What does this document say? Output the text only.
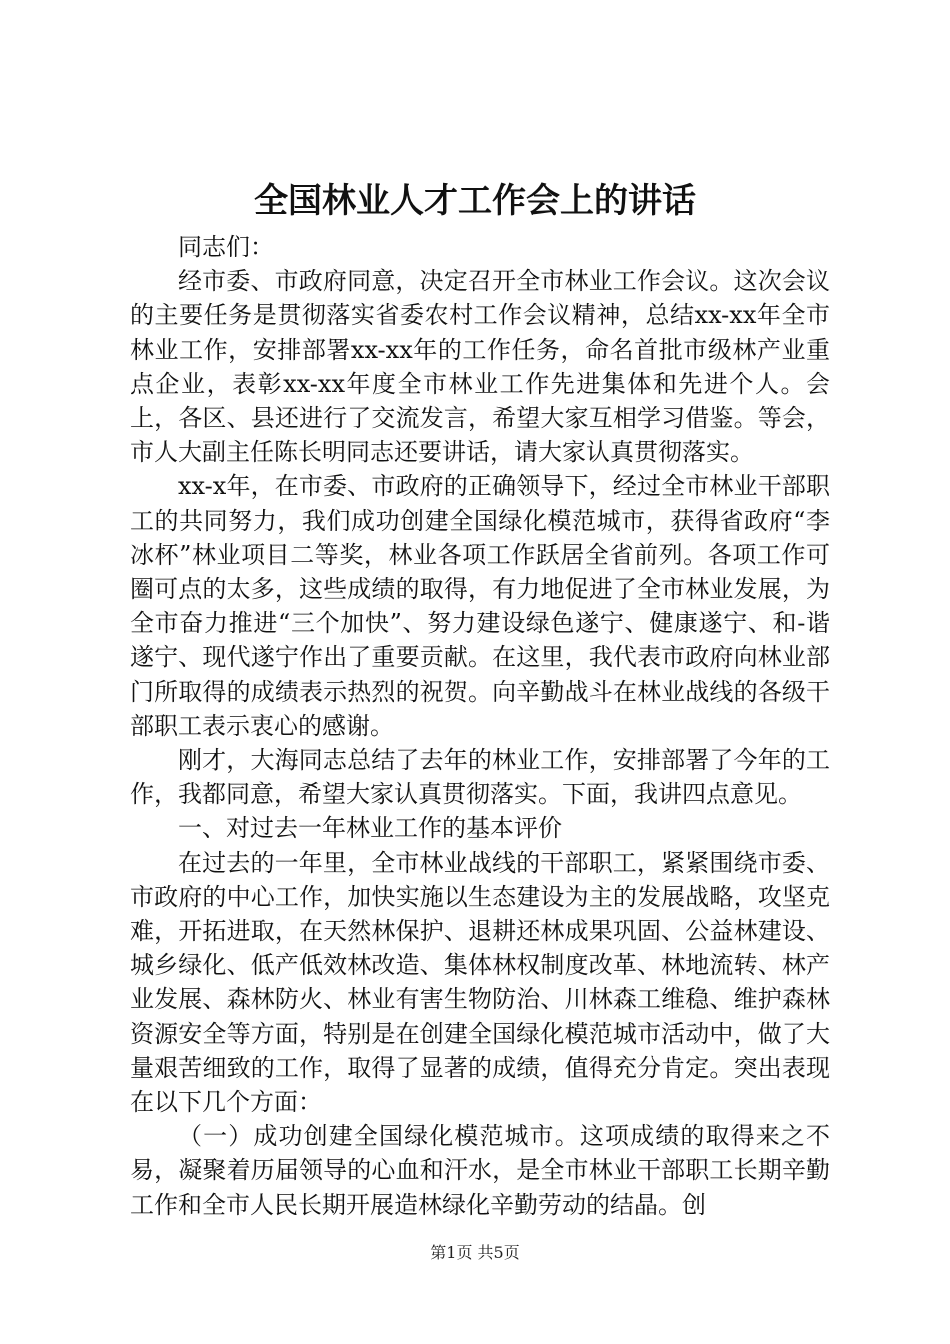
全国林业人才工作会上的讲话

同志们：

经市委、市政府同意，决定召开全市林业工作会议。这次会议的主要任务是贯彻落实省委农村工作会议精神，总结xx-xx年全市林业工作，安排部署xx-xx年的工作任务，命名首批市级林产业重点企业，表彰xx-xx年度全市林业工作先进集体和先进个人。会上，各区、县还进行了交流发言，希望大家互相学习借鉴。等会，市人大副主任陈长明同志还要讲话，请大家认真贯彻落实。

xx-x年，在市委、市政府的正确领导下，经过全市林业干部职工的共同努力，我们成功创建全国绿化模范城市，获得省政府“李冰杯”林业项目二等奖，林业各项工作跃居全省前列。各项工作可圈可点的太多，这些成绩的取得，有力地促进了全市林业发展，为全市奋力推进“三个加快”、努力建设绿色遂宁、健康遂宁、和-谐遂宁、现代遂宁作出了重要贡献。在这里，我代表市政府向林业部门所取得的成绩表示热烈的祝贺。向辛勤战斗在林业战线的各级干部职工表示衷心的感谢。

刚才，大海同志总结了去年的林业工作，安排部署了今年的工作，我都同意，希望大家认真贯彻落实。下面，我讲四点意见。

一、对过去一年林业工作的基本评价

在过去的一年里，全市林业战线的干部职工，紧紧围绕市委、市政府的中心工作，加快实施以生态建设为主的发展战略，攻坚克难，开拓进取，在天然林保护、退耕还林成果巩固、公益林建设、城乡绿化、低产低效林改造、集体林权制度改革、林地流转、林产业发展、森林防火、林业有害生物防治、川林森工维稳、维护森林资源安全等方面，特别是在创建全国绿化模范城市活动中，做了大量艰苦细致的工作，取得了显著的成绩，值得充分肯定。突出表现在以下几个方面：

（一）成功创建全国绿化模范城市。这项成绩的取得来之不易，凝聚着历届领导的心血和汗水，是全市林业干部职工长期辛勤工作和全市人民长期开展造林绿化辛勤劳动的结晶。创

第1页 共5页
